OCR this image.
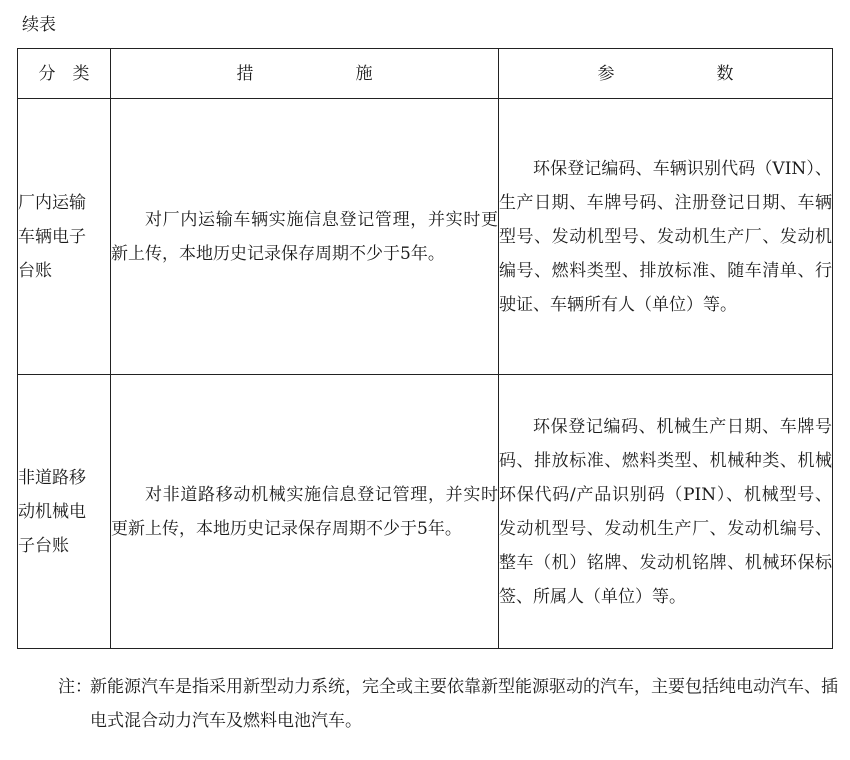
续表
分　类	措　　　　　　施	参　　　　　　数

厂内运输车辆电子台账	对厂内运输车辆实施信息登记管理，并实时更新上传，本地历史记录保存周期不少于5年。	环保登记编码、车辆识别代码（VIN）、生产日期、车牌号码、注册登记日期、车辆型号、发动机型号、发动机生产厂、发动机编号、燃料类型、排放标准、随车清单、行驶证、车辆所有人（单位）等。

非道路移动机械电子台账	对非道路移动机械实施信息登记管理，并实时更新上传，本地历史记录保存周期不少于5年。	环保登记编码、机械生产日期、车牌号码、排放标准、燃料类型、机械种类、机械环保代码/产品识别码（PIN）、机械型号、发动机型号、发动机生产厂、发动机编号、整车（机）铭牌、发动机铭牌、机械环保标签、所属人（单位）等。
注：
新能源汽车是指采用新型动力系统，完全或主要依靠新型能源驱动的汽车，主要包括纯电动汽车、插电式混合动力汽车及燃料电池汽车。
